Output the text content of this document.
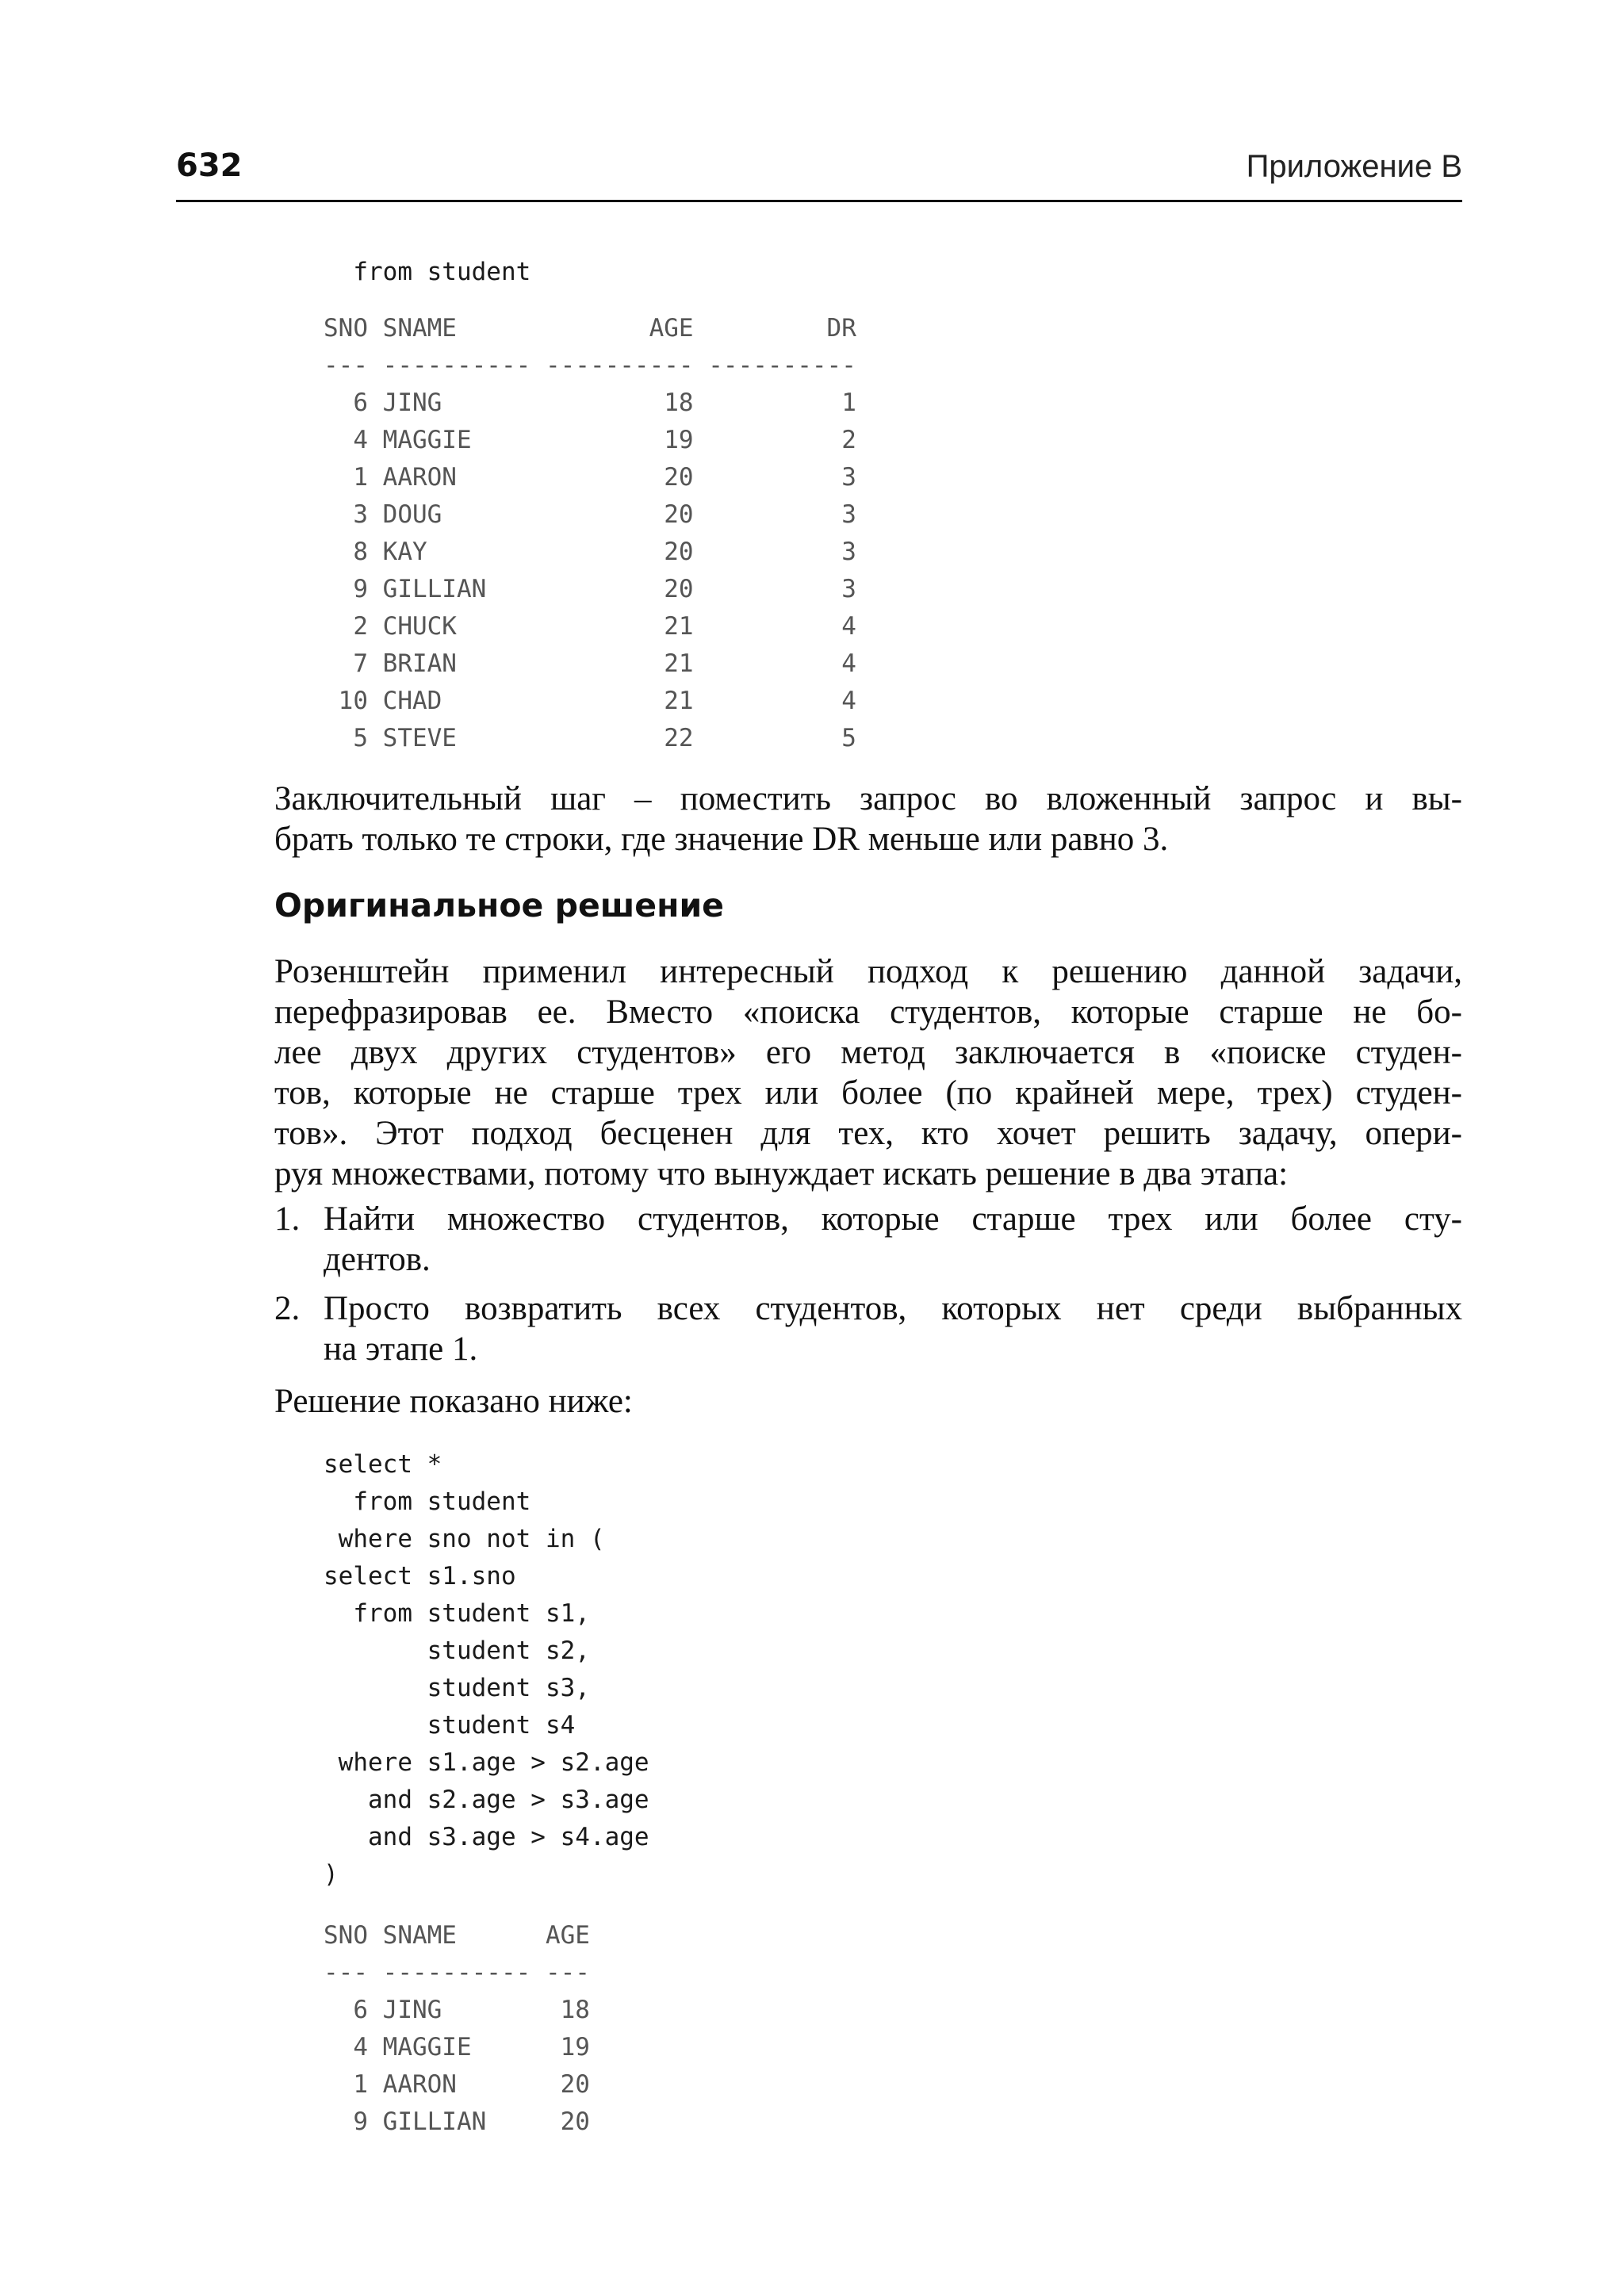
632	Приложение В
from student
SNO SNAME             AGE         DR
--- ---------- ---------- ----------
6 JING               18          1
4 MAGGIE             19          2
1 AARON              20          3
3 DOUG               20          3
8 KAY                20          3
9 GILLIAN            20          3
2 CHUCK              21          4
7 BRIAN              21          4
10 CHAD               21          4
5 STEVE              22          5
Заключительный шаг – поместить запрос во вложенный запрос и вы-
брать только те строки, где значение DR меньше или равно 3.
Оригинальное решение
Розенштейн применил интересный подход к решению данной задачи,
перефразировав ее. Вместо «поиска студентов, которые старше не бо-
лее двух других студентов» его метод заключается в «поиске студен-
тов, которые не старше трех или более (по крайней мере, трех) студен-
тов». Этот подход бесценен для тех, кто хочет решить задачу, опери-
руя множествами, потому что вынуждает искать решение в два этапа:
1. Найти множество студентов, которые старше трех или более сту-
дентов.
2. Просто возвратить всех студентов, которых нет среди выбранных
на этапе 1.

Решение показано ниже:

select *
from student
where sno not in (
select s1.sno
from student s1,
student s2,
student s3,
student s4
where s1.age > s2.age
and s2.age > s3.age
and s3.age > s4.age
)
SNO SNAME      AGE
--- ---------- ---
6 JING        18
4 MAGGIE      19
1 AARON       20
9 GILLIAN     20
